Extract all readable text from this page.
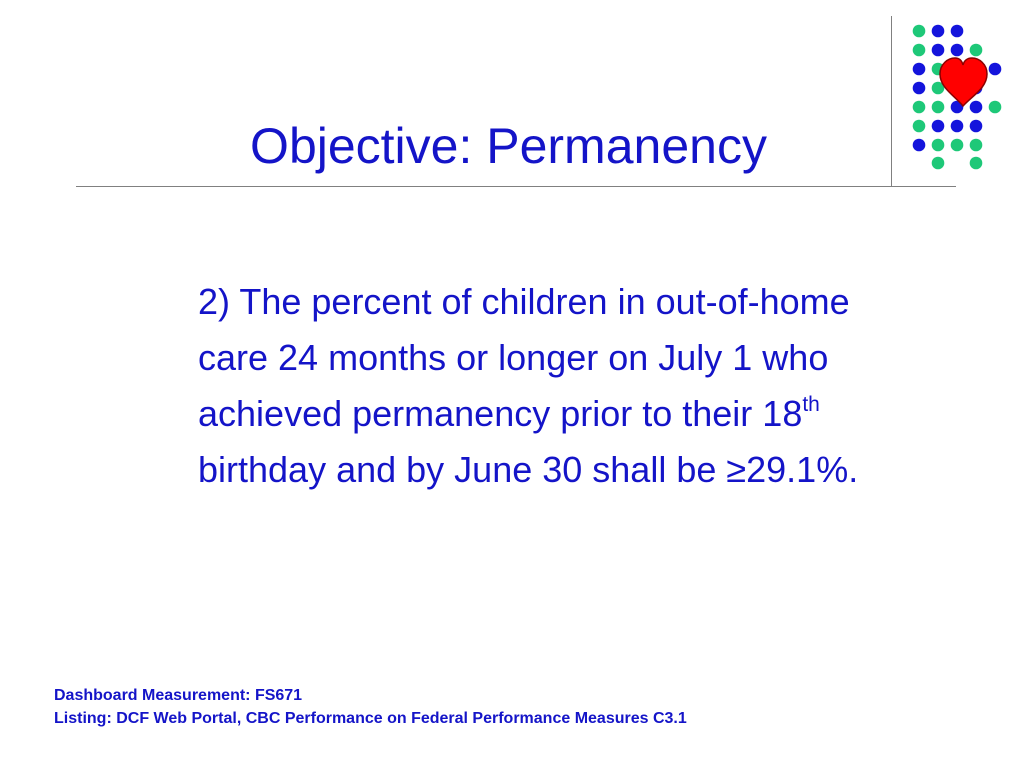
Objective: Permanency

2) The percent of children in out-of-home care 24 months or longer on July 1 who achieved permanency prior to their 18th birthday and by June 30 shall be ≥29.1%.

Dashboard Measurement: FS671
Listing: DCF Web Portal, CBC Performance on Federal Performance Measures C3.1
